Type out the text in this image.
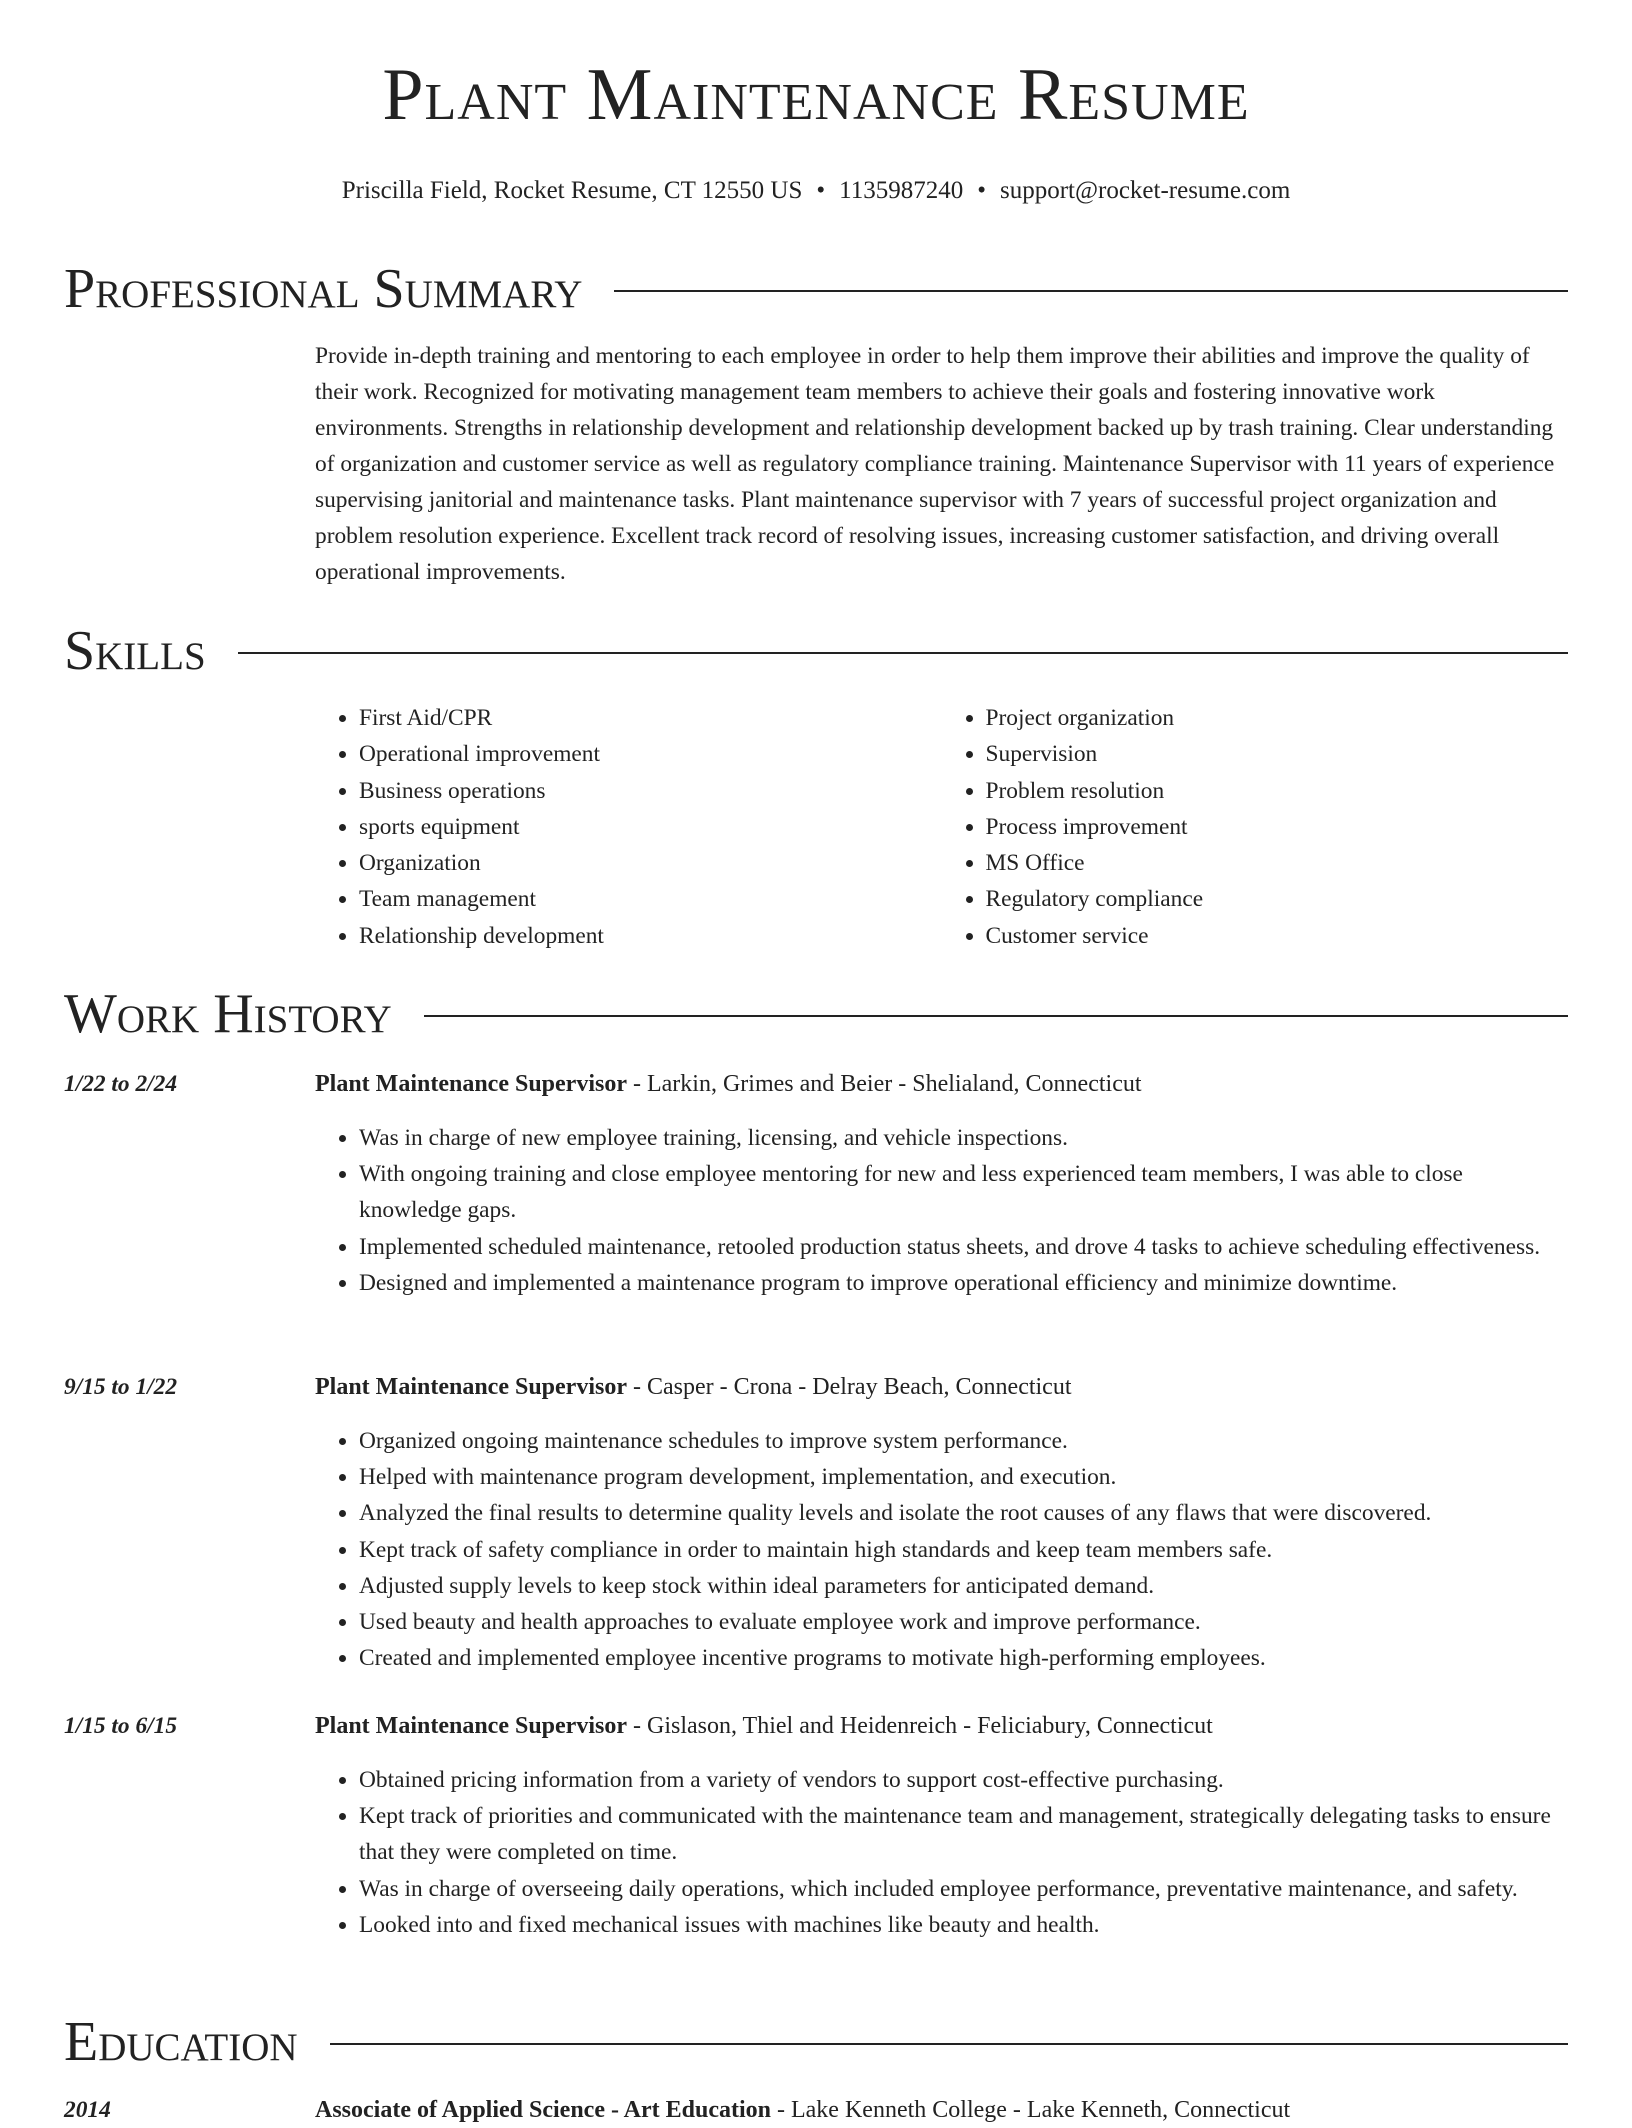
Plant Maintenance Resume
Priscilla Field, Rocket Resume, CT 12550 US • 1135987240 • support@rocket-resume.com
Professional Summary

Provide in-depth training and mentoring to each employee in order to help them improve their abilities and improve the quality of their work. Recognized for motivating management team members to achieve their goals and fostering innovative work environments. Strengths in relationship development and relationship development backed up by trash training. Clear understanding of organization and customer service as well as regulatory compliance training. Maintenance Supervisor with 11 years of experience supervising janitorial and maintenance tasks. Plant maintenance supervisor with 7 years of successful project organization and problem resolution experience. Excellent track record of resolving issues, increasing customer satisfaction, and driving overall operational improvements.

Skills
• First Aid/CPR
• Operational improvement
• Business operations
• sports equipment
• Organization
• Team management
• Relationship development
• Project organization
• Supervision
• Problem resolution
• Process improvement
• MS Office
• Regulatory compliance
• Customer service
Work History
1/22 to 2/24	Plant Maintenance Supervisor - Larkin, Grimes and Beier - Shelialand, Connecticut
• Was in charge of new employee training, licensing, and vehicle inspections.
• With ongoing training and close employee mentoring for new and less experienced team members, I was able to close knowledge gaps.
• Implemented scheduled maintenance, retooled production status sheets, and drove 4 tasks to achieve scheduling effectiveness.
• Designed and implemented a maintenance program to improve operational efficiency and minimize downtime.
9/15 to 1/22	Plant Maintenance Supervisor - Casper - Crona - Delray Beach, Connecticut
• Organized ongoing maintenance schedules to improve system performance.
• Helped with maintenance program development, implementation, and execution.
• Analyzed the final results to determine quality levels and isolate the root causes of any flaws that were discovered.
• Kept track of safety compliance in order to maintain high standards and keep team members safe.
• Adjusted supply levels to keep stock within ideal parameters for anticipated demand.
• Used beauty and health approaches to evaluate employee work and improve performance.
• Created and implemented employee incentive programs to motivate high-performing employees.
1/15 to 6/15	Plant Maintenance Supervisor - Gislason, Thiel and Heidenreich - Feliciabury, Connecticut
• Obtained pricing information from a variety of vendors to support cost-effective purchasing.
• Kept track of priorities and communicated with the maintenance team and management, strategically delegating tasks to ensure that they were completed on time.
• Was in charge of overseeing daily operations, which included employee performance, preventative maintenance, and safety.
• Looked into and fixed mechanical issues with machines like beauty and health.
Education
2014	Associate of Applied Science - Art Education - Lake Kenneth College - Lake Kenneth, Connecticut
